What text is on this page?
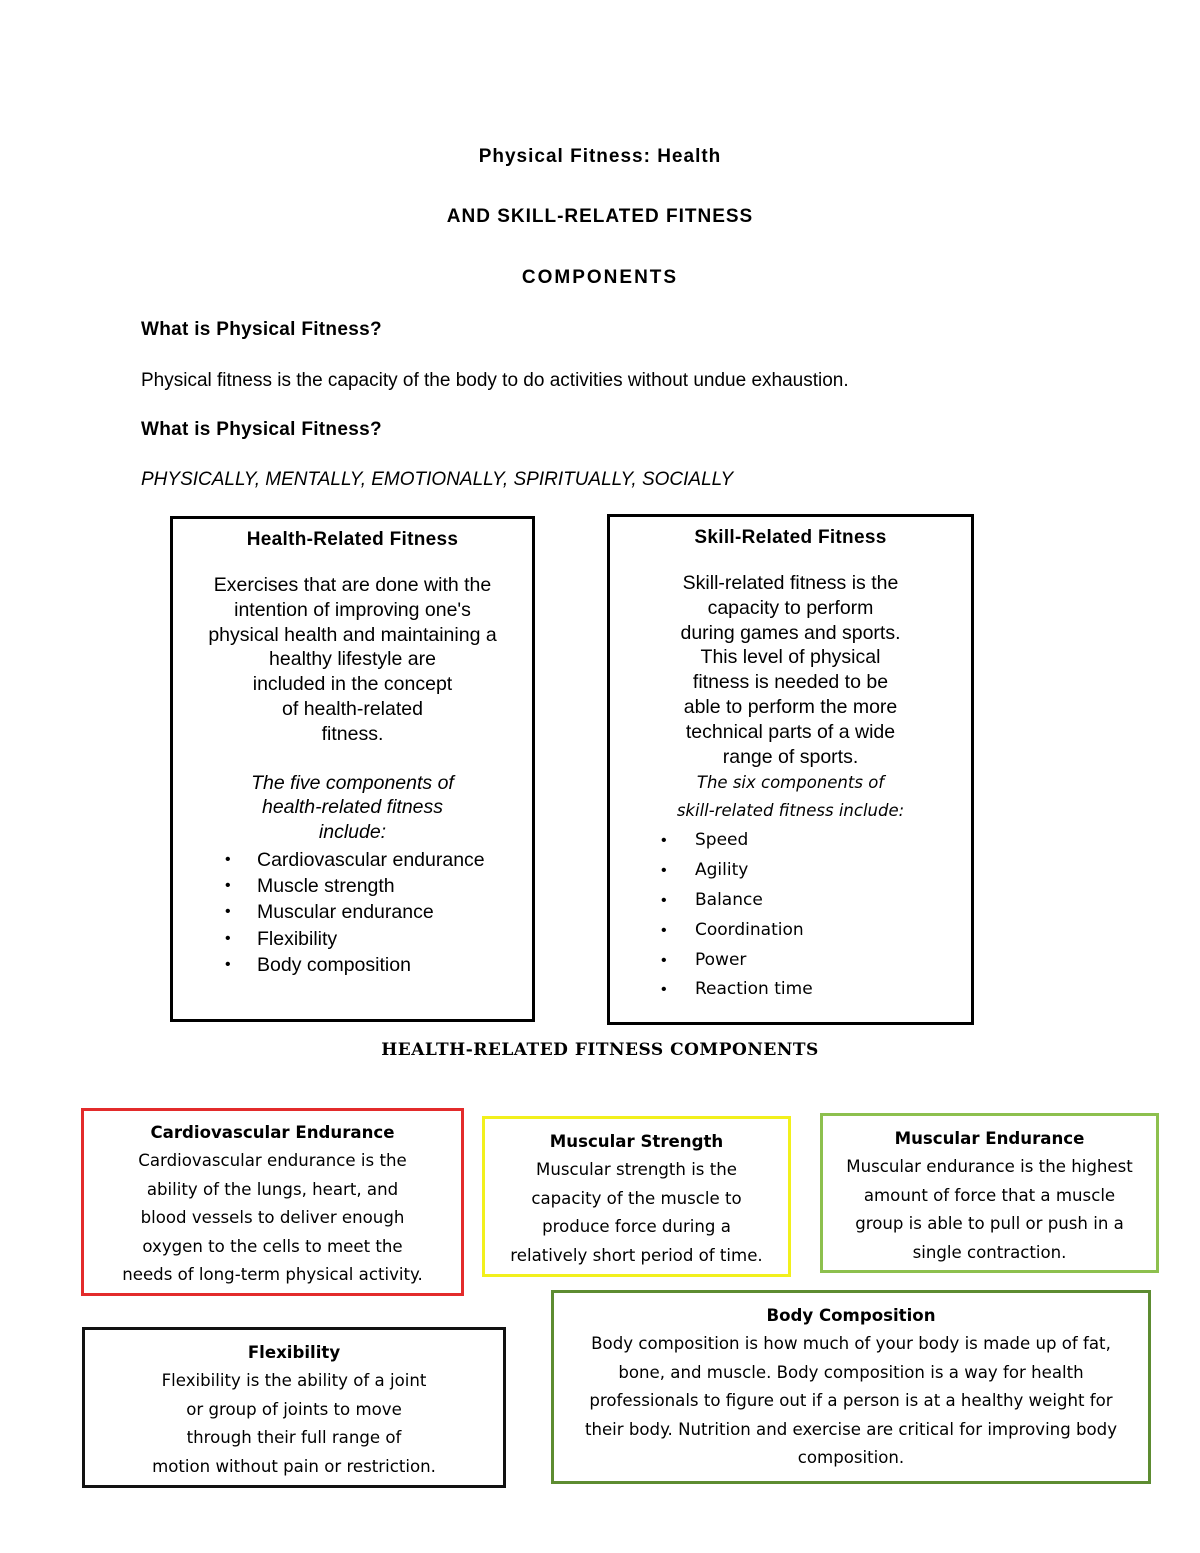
Physical Fitness: Health
AND SKILL-RELATED FITNESS
COMPONENTS
What is Physical Fitness?
Physical fitness is the capacity of the body to do activities without undue exhaustion.
What is Physical Fitness?
PHYSICALLY, MENTALLY, EMOTIONALLY, SPIRITUALLY, SOCIALLY
Health-Related Fitness
Exercises that are done with the
intention of improving one's
physical health and maintaining a
healthy lifestyle are
included in the concept
of health-related
fitness.
The five components of
health-related fitness
include:
• Cardiovascular endurance
• Muscle strength
• Muscular endurance
• Flexibility
• Body composition
Skill-Related Fitness
Skill-related fitness is the
capacity to perform
during games and sports.
This level of physical
fitness is needed to be
able to perform the more
technical parts of a wide
range of sports.
The six components of
skill-related fitness include:
• Speed
• Agility
• Balance
• Coordination
• Power
• Reaction time
HEALTH-RELATED FITNESS COMPONENTS
Cardiovascular Endurance
Cardiovascular endurance is the
ability of the lungs, heart, and
blood vessels to deliver enough
oxygen to the cells to meet the
needs of long-term physical activity.
Muscular Strength
Muscular strength is the
capacity of the muscle to
produce force during a
relatively short period of time.
Muscular Endurance
Muscular endurance is the highest
amount of force that a muscle
group is able to pull or push in a
single contraction.
Body Composition
Body composition is how much of your body is made up of fat,
bone, and muscle. Body composition is a way for health
professionals to figure out if a person is at a healthy weight for
their body. Nutrition and exercise are critical for improving body
composition.
Flexibility
Flexibility is the ability of a joint
or group of joints to move
through their full range of
motion without pain or restriction.
